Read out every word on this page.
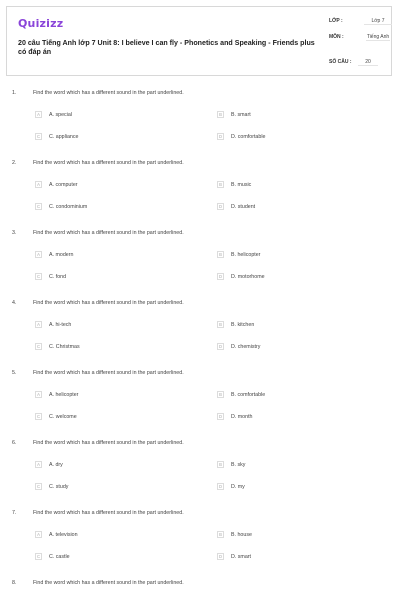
Quizizz
20 câu Tiếng Anh lớp 7 Unit 8: I believe I can fly - Phonetics and Speaking - Friends plus có đáp án
LỚP :	Lớp 7
MÔN :	Tiếng Anh
SỐ CÂU :	20
1.	Find the word which has a different sound in the part underlined.
A	A. special	B	B. smart
C	C. appliance	D	D. comfortable
2.	Find the word which has a different sound in the part underlined.
A	A. computer	B	B. music
C	C. condominium	D	D. student
3.	Find the word which has a different sound in the part underlined.
A	A. modern	B	B. helicopter
C	C. fond	D	D. motorhome
4.	Find the word which has a different sound in the part underlined.
A	A. hi-tech	B	B. kitchen
C	C. Christmas	D	D. chemistry
5.	Find the word which has a different sound in the part underlined.
A	A. helicopter	B	B. comfortable
C	C. welcome	D	D. month
6.	Find the word which has a different sound in the part underlined.
A	A. dry	B	B. sky
C	C. study	D	D. my
7.	Find the word which has a different sound in the part underlined.
A	A. television	B	B. house
C	C. castle	D	D. smart
8.	Find the word which has a different sound in the part underlined.
